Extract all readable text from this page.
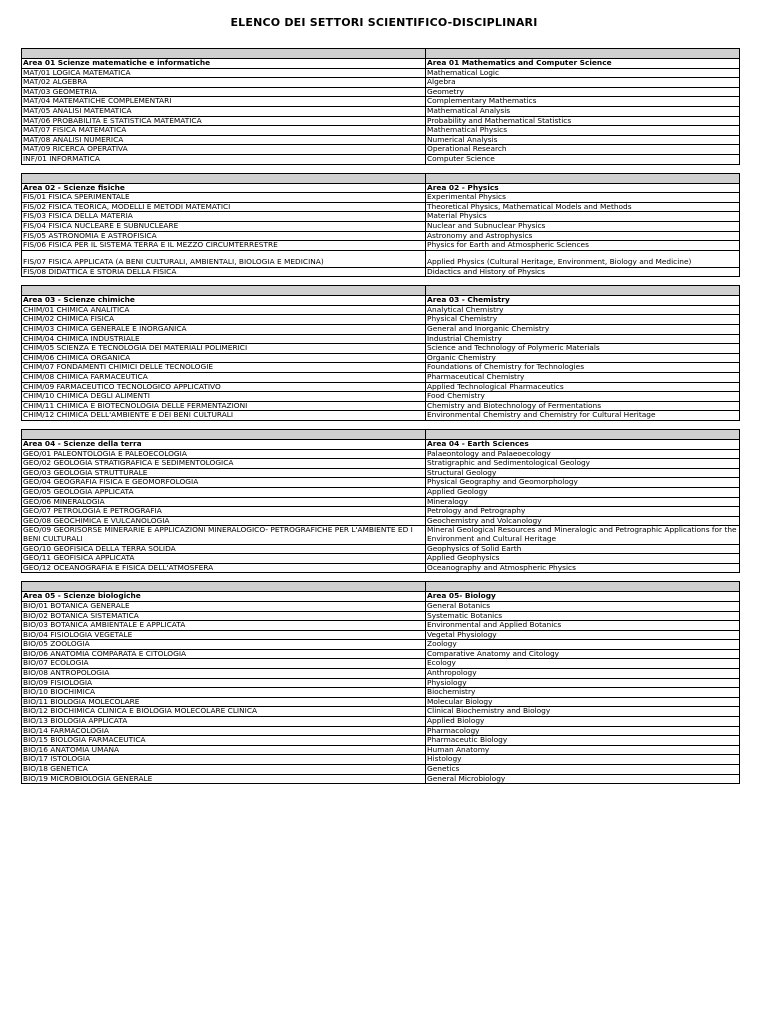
ELENCO DEI SETTORI SCIENTIFICO-DISCIPLINARI

Area 01 Scienze matematiche e informatiche	Area 01 Mathematics and Computer Science
MAT/01 LOGICA MATEMATICA	Mathematical Logic
MAT/02 ALGEBRA	Algebra
MAT/03 GEOMETRIA	Geometry
MAT/04 MATEMATICHE COMPLEMENTARI	Complementary Mathematics
MAT/05 ANALISI MATEMATICA	Mathematical Analysis
MAT/06 PROBABILITA E STATISTICA MATEMATICA	Probability and Mathematical Statistics
MAT/07 FISICA MATEMATICA	Mathematical Physics
MAT/08 ANALISI NUMERICA	Numerical Analysis
MAT/09 RICERCA OPERATIVA	Operational Research
INF/01 INFORMATICA	Computer Science

Area 02 - Scienze fisiche	Area 02 - Physics
FIS/01 FISICA SPERIMENTALE	Experimental Physics
FIS/02 FISICA TEORICA, MODELLI E METODI MATEMATICI	Theoretical Physics, Mathematical Models and Methods
FIS/03 FISICA DELLA MATERIA	Material Physics
FIS/04 FISICA NUCLEARE E SUBNUCLEARE	Nuclear and Subnuclear Physics
FIS/05 ASTRONOMIA E ASTROFISICA	Astronomy and Astrophysics
FIS/06 FISICA PER IL SISTEMA TERRA E IL MEZZO CIRCUMTERRESTRE	Physics for Earth and Atmospheric Sciences
FIS/07 FISICA APPLICATA (A BENI CULTURALI, AMBIENTALI, BIOLOGIA E MEDICINA)	Applied Physics (Cultural Heritage, Environment, Biology and Medicine)
FIS/08 DIDATTICA E STORIA DELLA FISICA	Didactics and History of Physics

Area 03 - Scienze chimiche	Area 03 - Chemistry
CHIM/01 CHIMICA ANALITICA	Analytical Chemistry
CHIM/02 CHIMICA FISICA	Physical Chemistry
CHIM/03 CHIMICA GENERALE E INORGANICA	General and Inorganic Chemistry
CHIM/04 CHIMICA INDUSTRIALE	Industrial Chemistry
CHIM/05 SCIENZA E TECNOLOGIA DEI MATERIALI POLIMERICI	Science and Technology of Polymeric Materials
CHIM/06 CHIMICA ORGANICA	Organic Chemistry
CHIM/07 FONDAMENTI CHIMICI DELLE TECNOLOGIE	Foundations of Chemistry for Technologies
CHIM/08 CHIMICA FARMACEUTICA	Pharmaceutical Chemistry
CHIM/09 FARMACEUTICO TECNOLOGICO APPLICATIVO	Applied Technological Pharmaceutics
CHIM/10 CHIMICA DEGLI ALIMENTI	Food Chemistry
CHIM/11 CHIMICA E BIOTECNOLOGIA DELLE FERMENTAZIONI	Chemistry and Biotechnology of Fermentations
CHIM/12 CHIMICA DELL'AMBIENTE E DEI BENI CULTURALI	Environmental Chemistry and Chemistry for Cultural Heritage

Area 04 - Scienze della terra	Area 04 - Earth Sciences
GEO/01 PALEONTOLOGIA E PALEOECOLOGIA	Palaeontology and Palaeoecology
GEO/02 GEOLOGIA STRATIGRAFICA E SEDIMENTOLOGICA	Stratigraphic and Sedimentological Geology
GEO/03 GEOLOGIA STRUTTURALE	Structural Geology
GEO/04 GEOGRAFIA FISICA E GEOMORFOLOGIA	Physical Geography and Geomorphology
GEO/05 GEOLOGIA APPLICATA	Applied Geology
GEO/06 MINERALOGIA	Mineralogy
GEO/07 PETROLOGIA E PETROGRAFIA	Petrology and Petrography
GEO/08 GEOCHIMICA E VULCANOLOGIA	Geochemistry and Volcanology
GEO/09 GEORISORSE MINERARIE E APPLICAZIONI MINERALOGICO- PETROGRAFICHE PER L'AMBIENTE ED I BENI CULTURALI	Mineral Geological Resources and Mineralogic and Petrographic Applications for the Environment and Cultural Heritage
GEO/10 GEOFISICA DELLA TERRA SOLIDA	Geophysics of Solid Earth
GEO/11 GEOFISICA APPLICATA	Applied Geophysics
GEO/12 OCEANOGRAFIA E FISICA DELL'ATMOSFERA	Oceanography and Atmospheric Physics

Area 05 - Scienze biologiche	Area 05- Biology
BIO/01 BOTANICA GENERALE	General Botanics
BIO/02 BOTANICA SISTEMATICA	Systematic Botanics
BIO/03 BOTANICA AMBIENTALE E APPLICATA	Environmental and Applied Botanics
BIO/04 FISIOLOGIA VEGETALE	Vegetal Physiology
BIO/05 ZOOLOGIA	Zoology
BIO/06 ANATOMIA COMPARATA E CITOLOGIA	Comparative Anatomy and Citology
BIO/07 ECOLOGIA	Ecology
BIO/08 ANTROPOLOGIA	Anthropology
BIO/09 FISIOLOGIA	Physiology
BIO/10 BIOCHIMICA	Biochemistry
BIO/11 BIOLOGIA MOLECOLARE	Molecular Biology
BIO/12 BIOCHIMICA CLINICA E BIOLOGIA MOLECOLARE CLINICA	Clinical Biochemistry and Biology
BIO/13 BIOLOGIA APPLICATA	Applied Biology
BIO/14 FARMACOLOGIA	Pharmacology
BIO/15 BIOLOGIA FARMACEUTICA	Pharmaceutic Biology
BIO/16 ANATOMIA UMANA	Human Anatomy
BIO/17 ISTOLOGIA	Histology
BIO/18 GENETICA	Genetics
BIO/19 MICROBIOLOGIA GENERALE	General Microbiology
